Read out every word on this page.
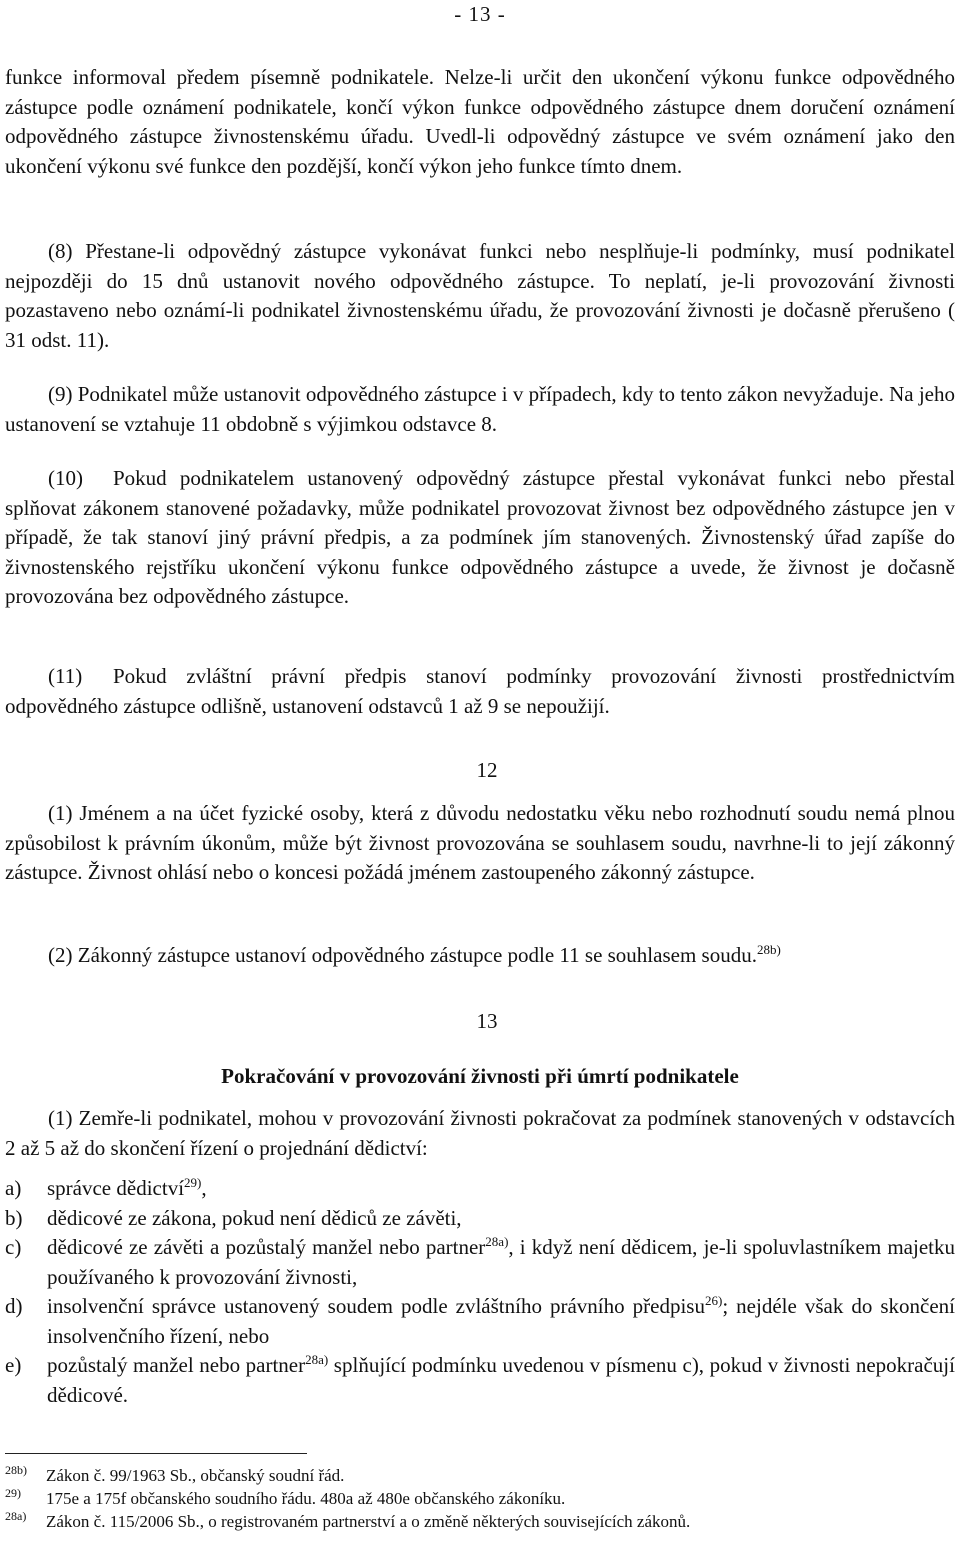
- 13 -

funkce informoval předem písemně podnikatele. Nelze-li určit den ukončení výkonu funkce odpovědného zástupce podle oznámení podnikatele, končí výkon funkce odpovědného zástupce dnem doručení oznámení odpovědného zástupce živnostenskému úřadu. Uvedl-li odpovědný zástupce ve svém oznámení jako den ukončení výkonu své funkce den pozdější, končí výkon jeho funkce tímto dnem.

(8) Přestane-li odpovědný zástupce vykonávat funkci nebo nesplňuje-li podmínky, musí podnikatel nejpozději do 15 dnů ustanovit nového odpovědného zástupce. To neplatí, je-li provozování živnosti pozastaveno nebo oznámí-li podnikatel živnostenskému úřadu, že provozování živnosti je dočasně přerušeno ( 31 odst. 11).

(9) Podnikatel může ustanovit odpovědného zástupce i v případech, kdy to tento zákon nevyžaduje. Na jeho ustanovení se vztahuje 11 obdobně s výjimkou odstavce 8.

(10) Pokud podnikatelem ustanovený odpovědný zástupce přestal vykonávat funkci nebo přestal splňovat zákonem stanovené požadavky, může podnikatel provozovat živnost bez odpovědného zástupce jen v případě, že tak stanoví jiný právní předpis, a za podmínek jím stanovených. Živnostenský úřad zapíše do živnostenského rejstříku ukončení výkonu funkce odpovědného zástupce a uvede, že živnost je dočasně provozována bez odpovědného zástupce.

(11) Pokud zvláštní právní předpis stanoví podmínky provozování živnosti prostřednictvím odpovědného zástupce odlišně, ustanovení odstavců 1 až 9 se nepoužijí.

12

(1) Jménem a na účet fyzické osoby, která z důvodu nedostatku věku nebo rozhodnutí soudu nemá plnou způsobilost k právním úkonům, může být živnost provozována se souhlasem soudu, navrhne-li to její zákonný zástupce. Živnost ohlásí nebo o koncesi požádá jménem zastoupeného zákonný zástupce.

(2) Zákonný zástupce ustanoví odpovědného zástupce podle 11 se souhlasem soudu.$^{28b)}$

13
Pokračování v provozování živnosti při úmrtí podnikatele

(1) Zemře-li podnikatel, mohou v provozování živnosti pokračovat za podmínek stanovených v odstavcích 2 až 5 až do skončení řízení o projednání dědictví:

a)	správce dědictví$^{29)}$,
b)	dědicové ze zákona, pokud není dědiců ze závěti,
c)	dědicové ze závěti a pozůstalý manžel nebo partner$^{28a)}$, i když není dědicem, je-li spoluvlastníkem majetku používaného k provozování živnosti,
d)	insolvenční správce ustanovený soudem podle zvláštního právního předpisu$^{26)}$; nejdéle však do skončení insolvenčního řízení, nebo
e)	pozůstalý manžel nebo partner$^{28a)}$ splňující podmínku uvedenou v písmenu c), pokud v živnosti nepokračují dědicové.
28b)	Zákon č. 99/1963 Sb., občanský soudní řád.
29)	175e a 175f občanského soudního řádu. 480a až 480e občanského zákoníku.
28a)	Zákon č. 115/2006 Sb., o registrovaném partnerství a o změně některých souvisejících zákonů.
